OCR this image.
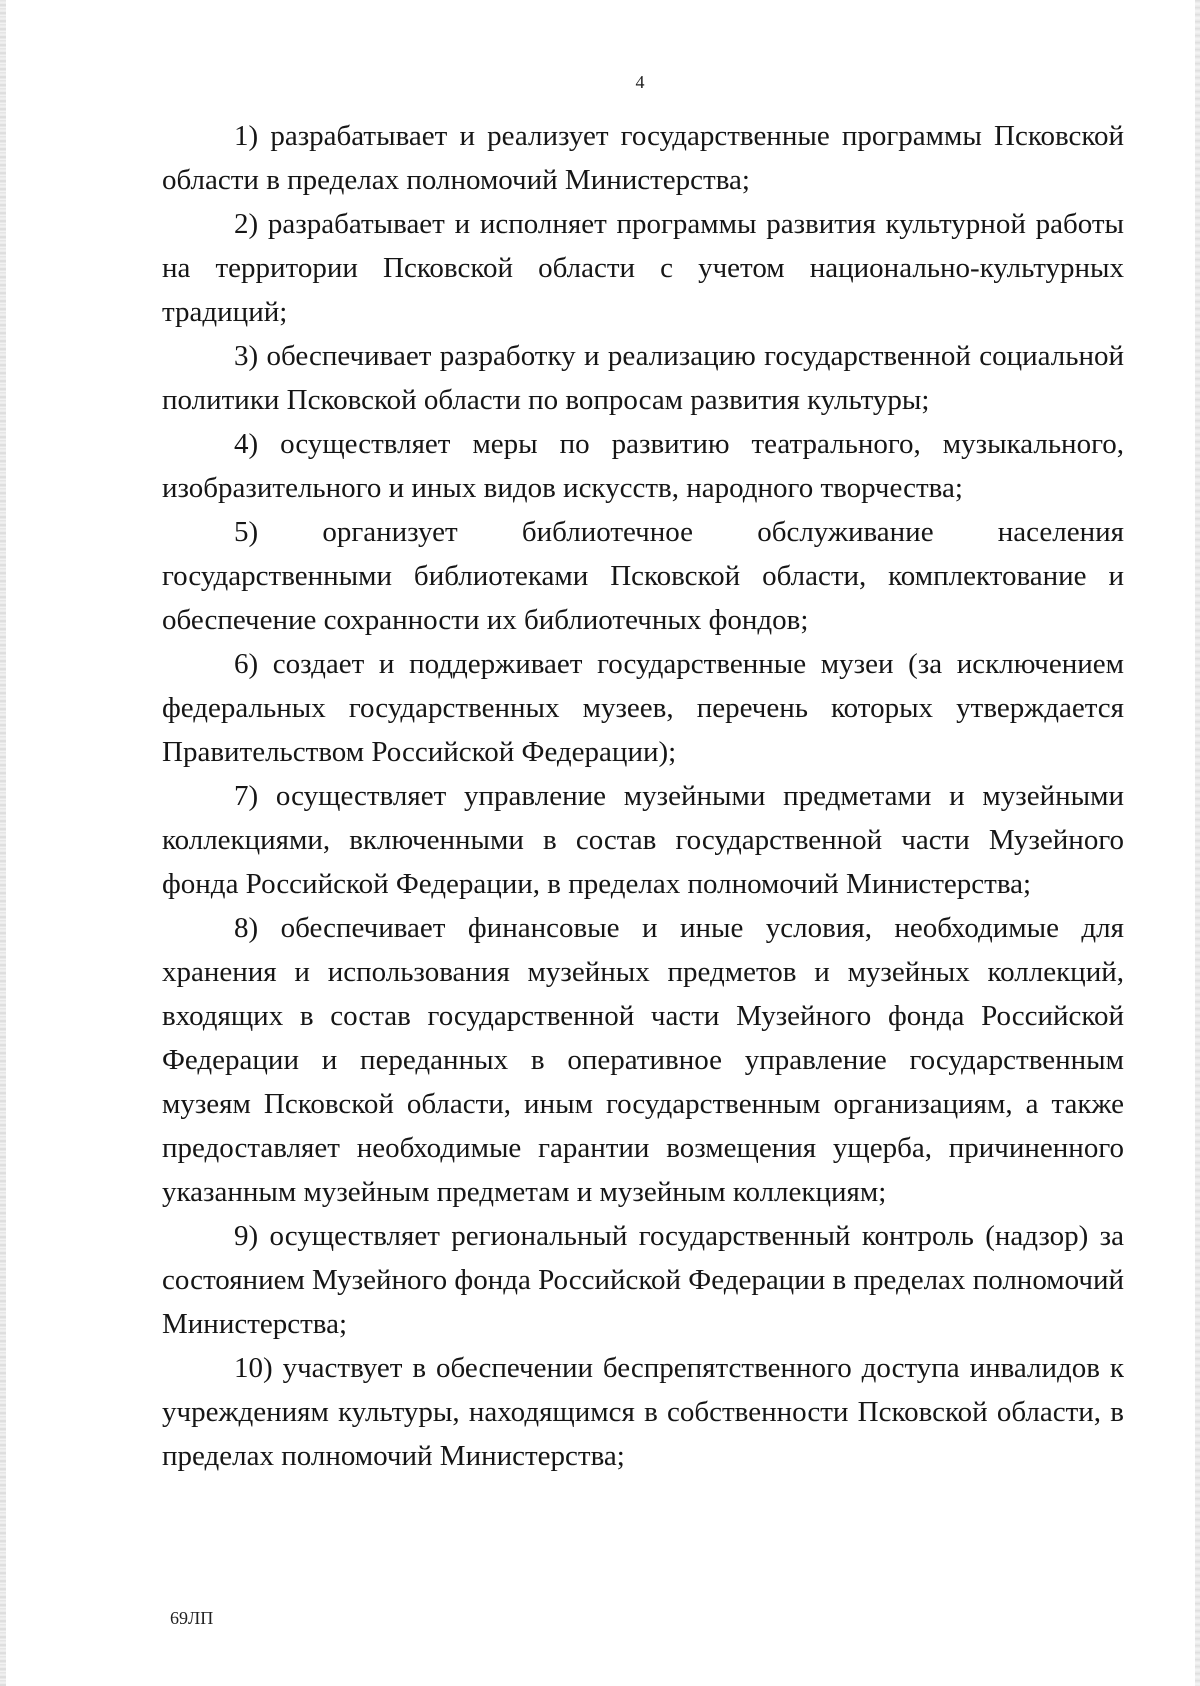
4

1) разрабатывает и реализует государственные программы Псковской области в пределах полномочий Министерства;

2) разрабатывает и исполняет программы развития культурной работы на территории Псковской области с учетом национально-культурных традиций;

3) обеспечивает разработку и реализацию государственной социальной политики Псковской области по вопросам развития культуры;

4) осуществляет меры по развитию театрального, музыкального, изобразительного и иных видов искусств, народного творчества;

5) организует библиотечное обслуживание населения государственными библиотеками Псковской области, комплектование и обеспечение сохранности их библиотечных фондов;

6) создает и поддерживает государственные музеи (за исключением федеральных государственных музеев, перечень которых утверждается Правительством Российской Федерации);

7) осуществляет управление музейными предметами и музейными коллекциями, включенными в состав государственной части Музейного фонда Российской Федерации, в пределах полномочий Министерства;

8) обеспечивает финансовые и иные условия, необходимые для хранения и использования музейных предметов и музейных коллекций, входящих в состав государственной части Музейного фонда Российской Федерации и переданных в оперативное управление государственным музеям Псковской области, иным государственным организациям, а также предоставляет необходимые гарантии возмещения ущерба, причиненного указанным музейным предметам и музейным коллекциям;

9) осуществляет региональный государственный контроль (надзор) за состоянием Музейного фонда Российской Федерации в пределах полномочий Министерства;

10) участвует в обеспечении беспрепятственного доступа инвалидов к учреждениям культуры, находящимся в собственности Псковской области, в пределах полномочий Министерства;

69ЛП
